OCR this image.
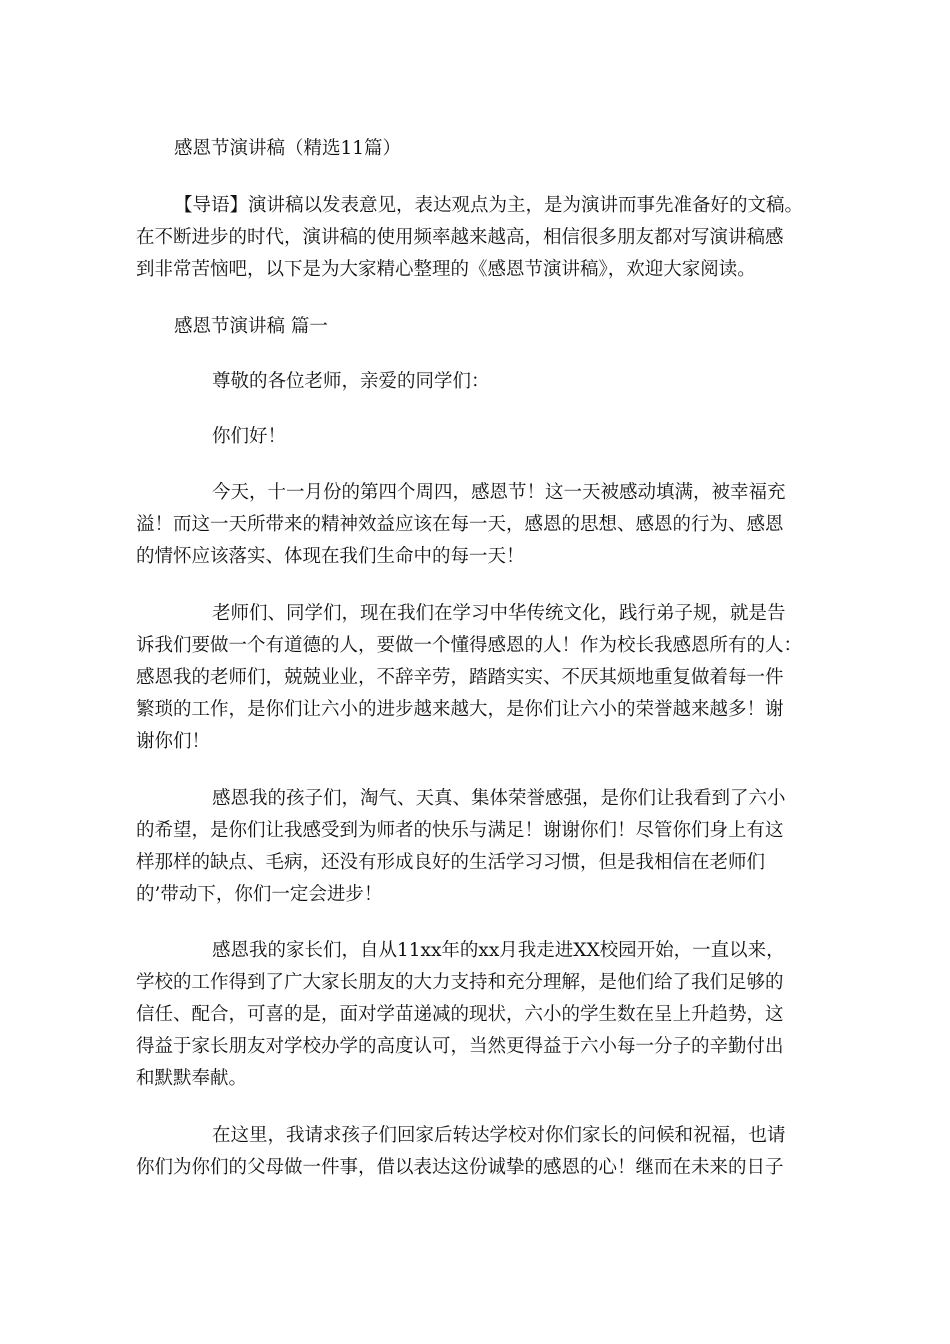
感恩节演讲稿（精选11篇）

【导语】演讲稿以发表意见，表达观点为主，是为演讲而事先准备好的文稿。

在不断进步的时代，演讲稿的使用频率越来越高，相信很多朋友都对写演讲稿感

到非常苦恼吧，以下是为大家精心整理的《感恩节演讲稿》，欢迎大家阅读。

感恩节演讲稿 篇一

尊敬的各位老师，亲爱的同学们：

你们好！

今天，十一月份的第四个周四，感恩节！这一天被感动填满，被幸福充

溢！而这一天所带来的精神效益应该在每一天，感恩的思想、感恩的行为、感恩

的情怀应该落实、体现在我们生命中的每一天！

老师们、同学们，现在我们在学习中华传统文化，践行弟子规，就是告

诉我们要做一个有道德的人，要做一个懂得感恩的人！作为校长我感恩所有的人：

感恩我的老师们，兢兢业业，不辞辛劳，踏踏实实、不厌其烦地重复做着每一件

繁琐的工作，是你们让六小的进步越来越大，是你们让六小的荣誉越来越多！谢

谢你们！

感恩我的孩子们，淘气、天真、集体荣誉感强，是你们让我看到了六小

的希望，是你们让我感受到为师者的快乐与满足！谢谢你们！尽管你们身上有这

样那样的缺点、毛病，还没有形成良好的生活学习习惯，但是我相信在老师们

的’带动下，你们一定会进步！

感恩我的家长们，自从11xx年的xx月我走进XX校园开始，一直以来，

学校的工作得到了广大家长朋友的大力支持和充分理解，是他们给了我们足够的

信任、配合，可喜的是，面对学苗递减的现状，六小的学生数在呈上升趋势，这

得益于家长朋友对学校办学的高度认可，当然更得益于六小每一分子的辛勤付出

和默默奉献。

在这里，我请求孩子们回家后转达学校对你们家长的问候和祝福，也请

你们为你们的父母做一件事，借以表达这份诚挚的感恩的心！继而在未来的日子
